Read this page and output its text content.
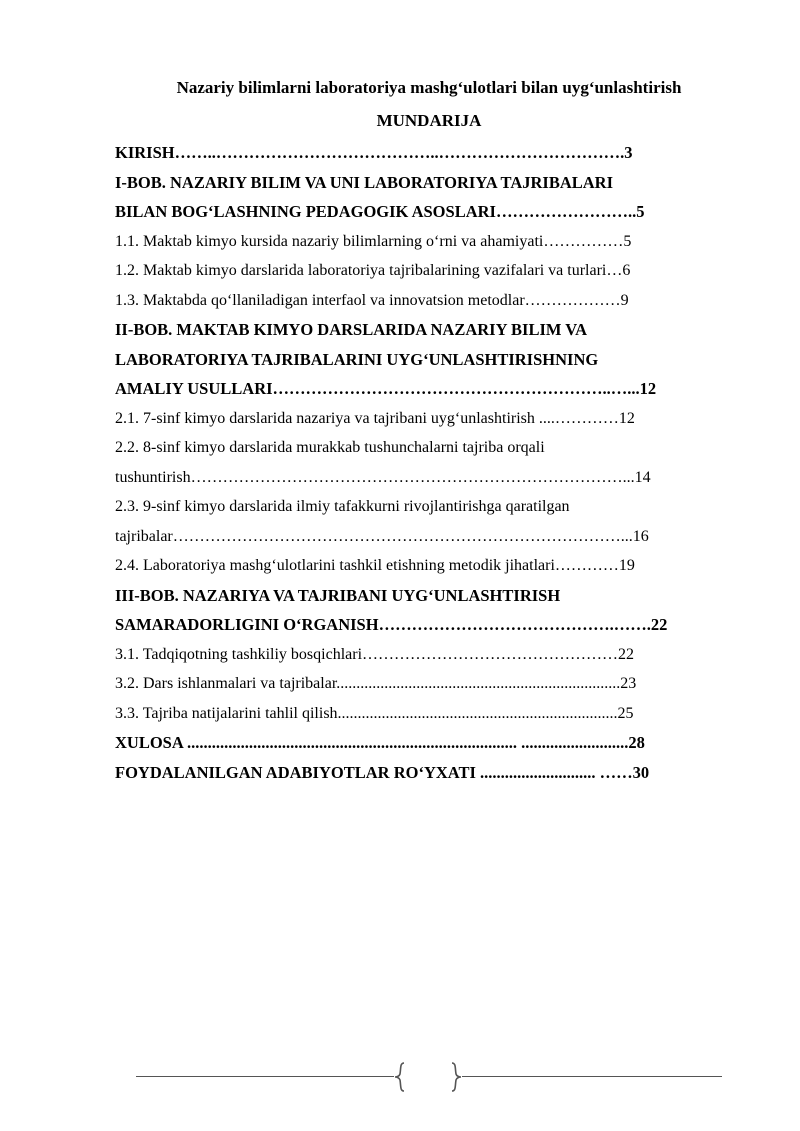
Nazariy bilimlarni laboratoriya mashg‘ulotlari bilan uyg‘unlashtirish
MUNDARIJA
KIRISH……..…………………………………..…………………………….3
I-BOB. NAZARIY BILIM VA UNI LABORATORIYA TAJRIBALARI
BILAN BOG‘LASHNING PEDAGOGIK ASOSLARI……………………..5
1.1. Maktab kimyo kursida nazariy bilimlarning o‘rni va ahamiyati……………5
1.2. Maktab kimyo darslarida laboratoriya tajribalarining vazifalari va turlari…6
1.3. Maktabda qo‘llaniladigan interfaol va innovatsion metodlar………………9
II-BOB. MAKTAB KIMYO DARSLARIDA NAZARIY BILIM VA
LABORATORIYA TAJRIBALARINI UYG‘UNLASHTIRISHNING
AMALIY USULLARI……………………………………………………..…...12
2.1. 7-sinf kimyo darslarida nazariya va tajribani uyg‘unlashtirish ....…………12
2.2. 8-sinf kimyo darslarida murakkab tushunchalarni tajriba orqali
tushuntirish………………………………………………………………………...14
2.3. 9-sinf kimyo darslarida ilmiy tafakkurni rivojlantirishga qaratilgan
tajribalar…………………………………………………………………………...16
2.4. Laboratoriya mashg‘ulotlarini tashkil etishning metodik jihatlari…………19
III-BOB. NAZARIYA VA TAJRIBANI UYG‘UNLASHTIRISH
SAMARADORLIGINI O‘RGANISH…………………………………….…….22
3.1. Tadqiqotning tashkiliy bosqichlari…………………………………………22
3.2. Dars ishlanmalari va tajribalar.......................................................................23
3.3. Tajriba natijalarini tahlil qilish......................................................................25
XULOSA ................................................................................ ..........................28
FOYDALANILGAN ADABIYOTLAR RO‘YXATI ............................ ……30
